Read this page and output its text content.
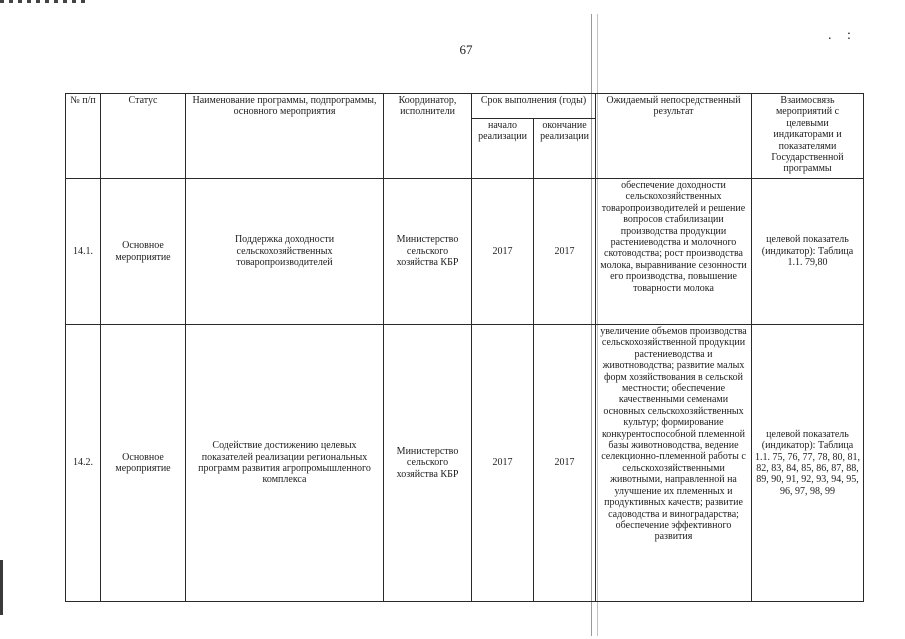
. :
67
№ п/п	Статус	Наименование программы, подпрограммы, основного мероприятия	Координатор, исполнители	Срок выполнения (годы)		Ожидаемый непосредственный результат	Взаимосвязь мероприятий с целевыми индикаторами и показателями Государственной программы
				начало реализации	окончание реализации		
14.1.	Основное мероприятие	Поддержка доходности сельскохозяйственных товаропроизводителей	Министерство сельского хозяйства КБР	2017	2017	обеспечение доходности сельскохозяйственных товаропроизводителей и решение вопросов стабилизации производства продукции растениеводства и молочного скотоводства; рост производства молока, выравнивание сезонности его производства, повышение товарности молока	целевой показатель (индикатор): Таблица 1.1. 79,80
14.2.	Основное мероприятие	Содействие достижению целевых показателей реализации региональных программ развития агропромышленного комплекса	Министерство сельского хозяйства КБР	2017	2017	увеличение объемов производства сельскохозяйственной продукции растениеводства и животноводства; развитие малых форм хозяйствования в сельской местности; обеспечение качественными семенами основных сельскохозяйственных культур; формирование конкурентоспособной племенной базы животноводства, ведение селекционно-племенной работы с сельскохозяйственными животными, направленной на улучшение их племенных и продуктивных качеств; развитие садоводства и виноградарства; обеспечение эффективного развития	целевой показатель (индикатор): Таблица 1.1. 75, 76, 77, 78, 80, 81, 82, 83, 84, 85, 86, 87, 88, 89, 90, 91, 92, 93, 94, 95, 96, 97, 98, 99
